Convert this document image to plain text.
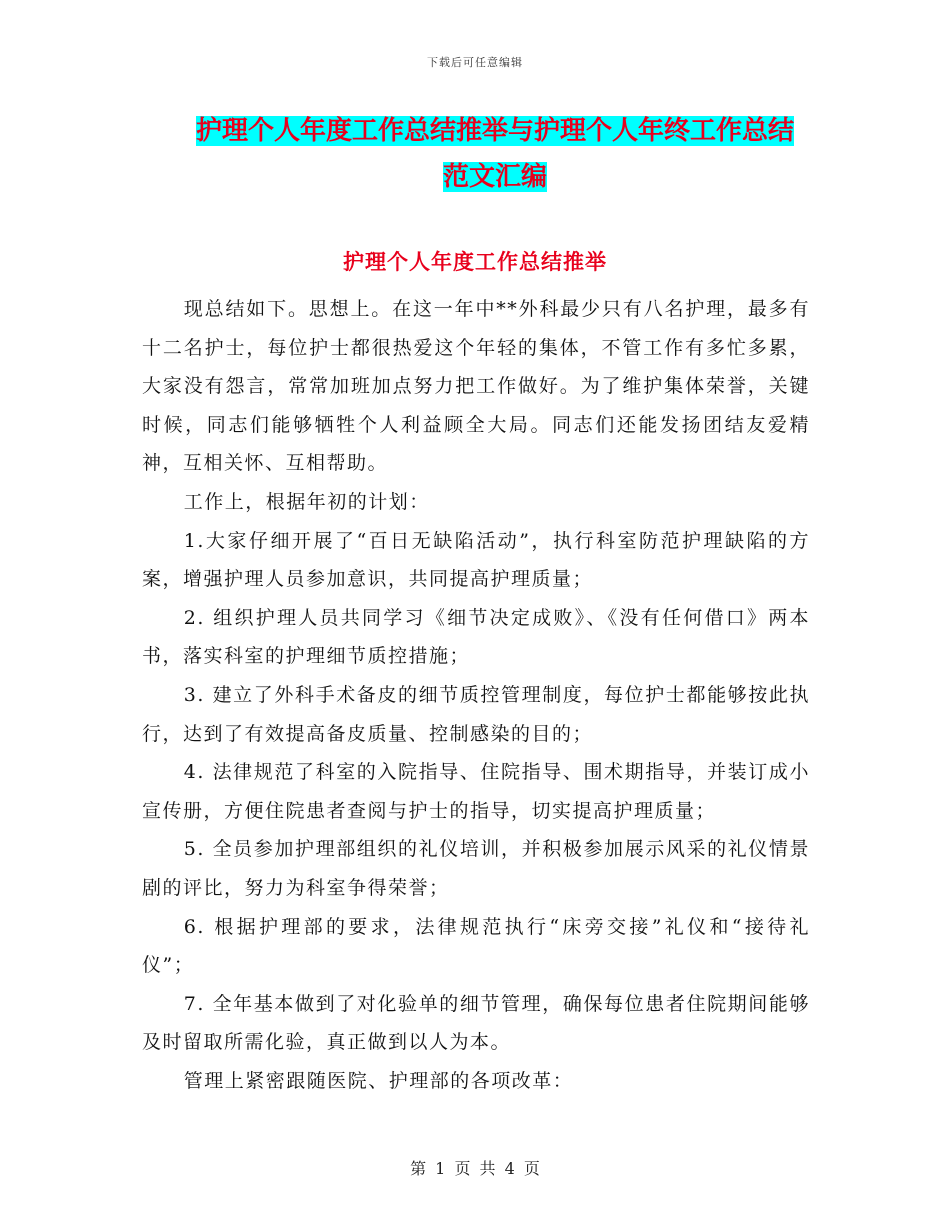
下载后可任意编辑
护理个人年度工作总结推举与护理个人年终工作总结
范文汇编
护理个人年度工作总结推举

现总结如下。思想上。在这一年中**外科最少只有八名护理，最多有十二名护士，每位护士都很热爱这个年轻的集体，不管工作有多忙多累，大家没有怨言，常常加班加点努力把工作做好。为了维护集体荣誉，关键时候，同志们能够牺牲个人利益顾全大局。同志们还能发扬团结友爱精神，互相关怀、互相帮助。

工作上，根据年初的计划：

1.大家仔细开展了“百日无缺陷活动”，执行科室防范护理缺陷的方案，增强护理人员参加意识，共同提高护理质量；

2. 组织护理人员共同学习《细节决定成败》、《没有任何借口》两本书，落实科室的护理细节质控措施；

3. 建立了外科手术备皮的细节质控管理制度，每位护士都能够按此执行，达到了有效提高备皮质量、控制感染的目的；

4. 法律规范了科室的入院指导、住院指导、围术期指导，并装订成小宣传册，方便住院患者查阅与护士的指导，切实提高护理质量；

5. 全员参加护理部组织的礼仪培训，并积极参加展示风采的礼仪情景剧的评比，努力为科室争得荣誉；

6. 根据护理部的要求，法律规范执行“床旁交接”礼仪和“接待礼仪”；

7. 全年基本做到了对化验单的细节管理，确保每位患者住院期间能够及时留取所需化验，真正做到以人为本。

管理上紧密跟随医院、护理部的各项改革：

第 1 页 共 4 页
